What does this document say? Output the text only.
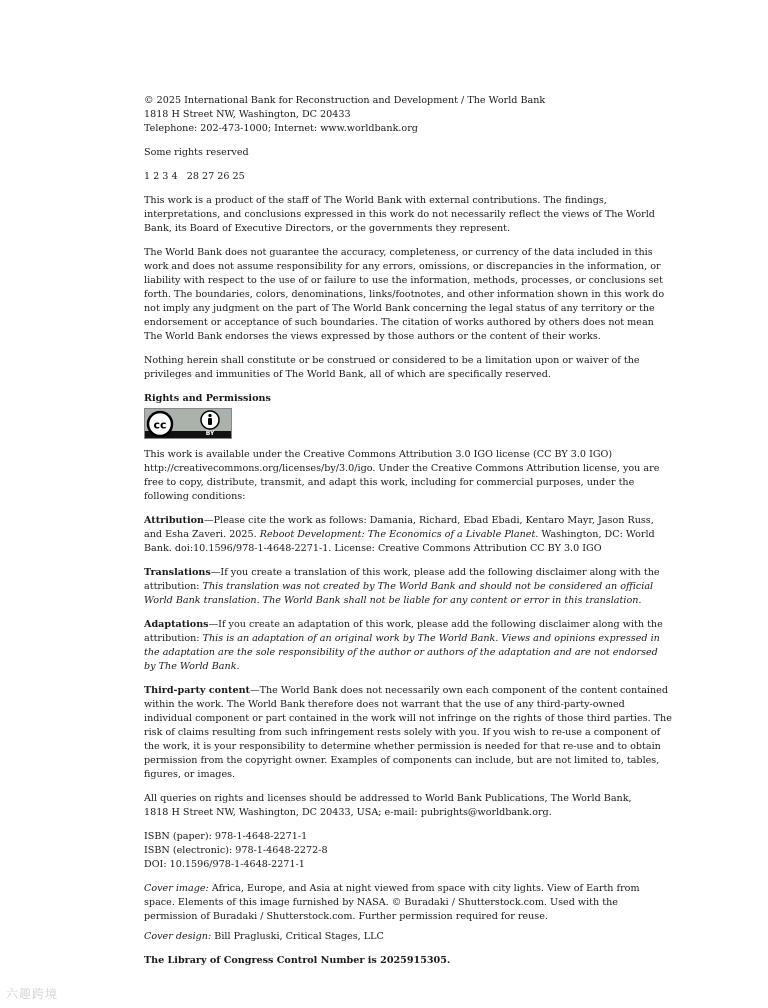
© 2025 International Bank for Reconstruction and Development / The World Bank
1818 H Street NW, Washington, DC 20433
Telephone: 202-473-1000; Internet: www.worldbank.org

Some rights reserved

1 2 3 4   28 27 26 25

This work is a product of the staff of The World Bank with external contributions. The findings, interpretations, and conclusions expressed in this work do not necessarily reflect the views of The World Bank, its Board of Executive Directors, or the governments they represent.

The World Bank does not guarantee the accuracy, completeness, or currency of the data included in this work and does not assume responsibility for any errors, omissions, or discrepancies in the information, or liability with respect to the use of or failure to use the information, methods, processes, or conclusions set forth. The boundaries, colors, denominations, links/footnotes, and other information shown in this work do not imply any judgment on the part of The World Bank concerning the legal status of any territory or the endorsement or acceptance of such boundaries. The citation of works authored by others does not mean The World Bank endorses the views expressed by those authors or the content of their works.

Nothing herein shall constitute or be construed or considered to be a limitation upon or waiver of the privileges and immunities of The World Bank, all of which are specifically reserved.

Rights and Permissions

cc
BY

This work is available under the Creative Commons Attribution 3.0 IGO license (CC BY 3.0 IGO) http://creativecommons.org/licenses/by/3.0/igo. Under the Creative Commons Attribution license, you are free to copy, distribute, transmit, and adapt this work, including for commercial purposes, under the following conditions:

Attribution—Please cite the work as follows: Damania, Richard, Ebad Ebadi, Kentaro Mayr, Jason Russ, and Esha Zaveri. 2025. Reboot Development: The Economics of a Livable Planet. Washington, DC: World Bank. doi:10.1596/978-1-4648-2271-1. License: Creative Commons Attribution CC BY 3.0 IGO

Translations—If you create a translation of this work, please add the following disclaimer along with the attribution: This translation was not created by The World Bank and should not be considered an official World Bank translation. The World Bank shall not be liable for any content or error in this translation.

Adaptations—If you create an adaptation of this work, please add the following disclaimer along with the attribution: This is an adaptation of an original work by The World Bank. Views and opinions expressed in the adaptation are the sole responsibility of the author or authors of the adaptation and are not endorsed by The World Bank.

Third-party content—The World Bank does not necessarily own each component of the content contained within the work. The World Bank therefore does not warrant that the use of any third-party-owned individual component or part contained in the work will not infringe on the rights of those third parties. The risk of claims resulting from such infringement rests solely with you. If you wish to re-use a component of the work, it is your responsibility to determine whether permission is needed for that re-use and to obtain permission from the copyright owner. Examples of components can include, but are not limited to, tables, figures, or images.

All queries on rights and licenses should be addressed to World Bank Publications, The World Bank,
1818 H Street NW, Washington, DC 20433, USA; e-mail: pubrights@worldbank.org.

ISBN (paper): 978-1-4648-2271-1
ISBN (electronic): 978-1-4648-2272-8
DOI: 10.1596/978-1-4648-2271-1

Cover image: Africa, Europe, and Asia at night viewed from space with city lights. View of Earth from space. Elements of this image furnished by NASA. © Buradaki / Shutterstock.com. Used with the permission of Buradaki / Shutterstock.com. Further permission required for reuse.

Cover design: Bill Pragluski, Critical Stages, LLC

The Library of Congress Control Number is 2025915305.

六趣跨境
